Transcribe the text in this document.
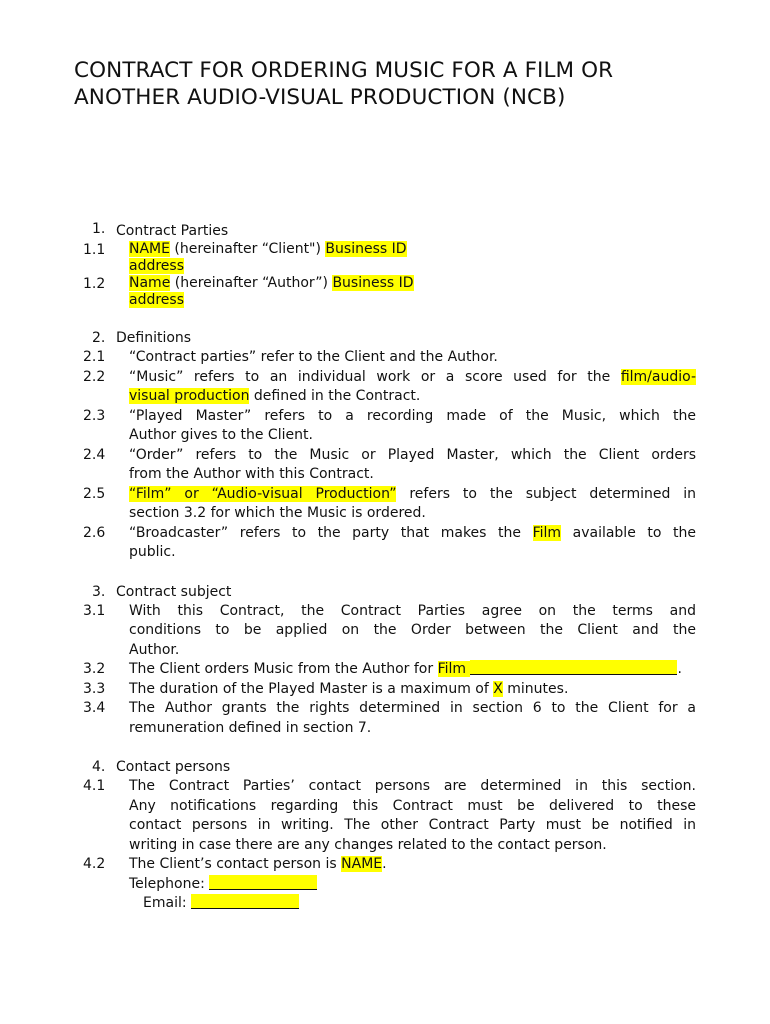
CONTRACT FOR ORDERING MUSIC FOR A FILM OR
ANOTHER AUDIO-VISUAL PRODUCTION (NCB)
1. Contract Parties
1.1 NAME (hereinafter “Client") Business ID
address
1.2 Name (hereinafter “Author”) Business ID
address
2. Definitions
2.1 “Contract parties” refer to the Client and the Author.
2.2 “Music” refers to an individual work or a score used for the film/audio-
visual production defined in the Contract.
2.3 “Played Master” refers to a recording made of the Music, which the
Author gives to the Client.
2.4 “Order” refers to the Music or Played Master, which the Client orders
from the Author with this Contract.
2.5 “Film” or “Audio-visual Production” refers to the subject determined in
section 3.2 for which the Music is ordered.
2.6 “Broadcaster” refers to the party that makes the Film available to the
public.
3. Contract subject
3.1 With this Contract, the Contract Parties agree on the terms and
conditions to be applied on the Order between the Client and the
Author.
3.2 The Client orders Music from the Author for Film	.
3.3 The duration of the Played Master is a maximum of X minutes.
3.4 The Author grants the rights determined in section 6 to the Client for a
remuneration defined in section 7.
4. Contact persons
4.1 The Contract Parties’ contact persons are determined in this section.
Any notifications regarding this Contract must be delivered to these
contact persons in writing. The other Contract Party must be notified in
writing in case there are any changes related to the contact person.
4.2 The Client’s contact person is NAME.
Telephone:
Email:
